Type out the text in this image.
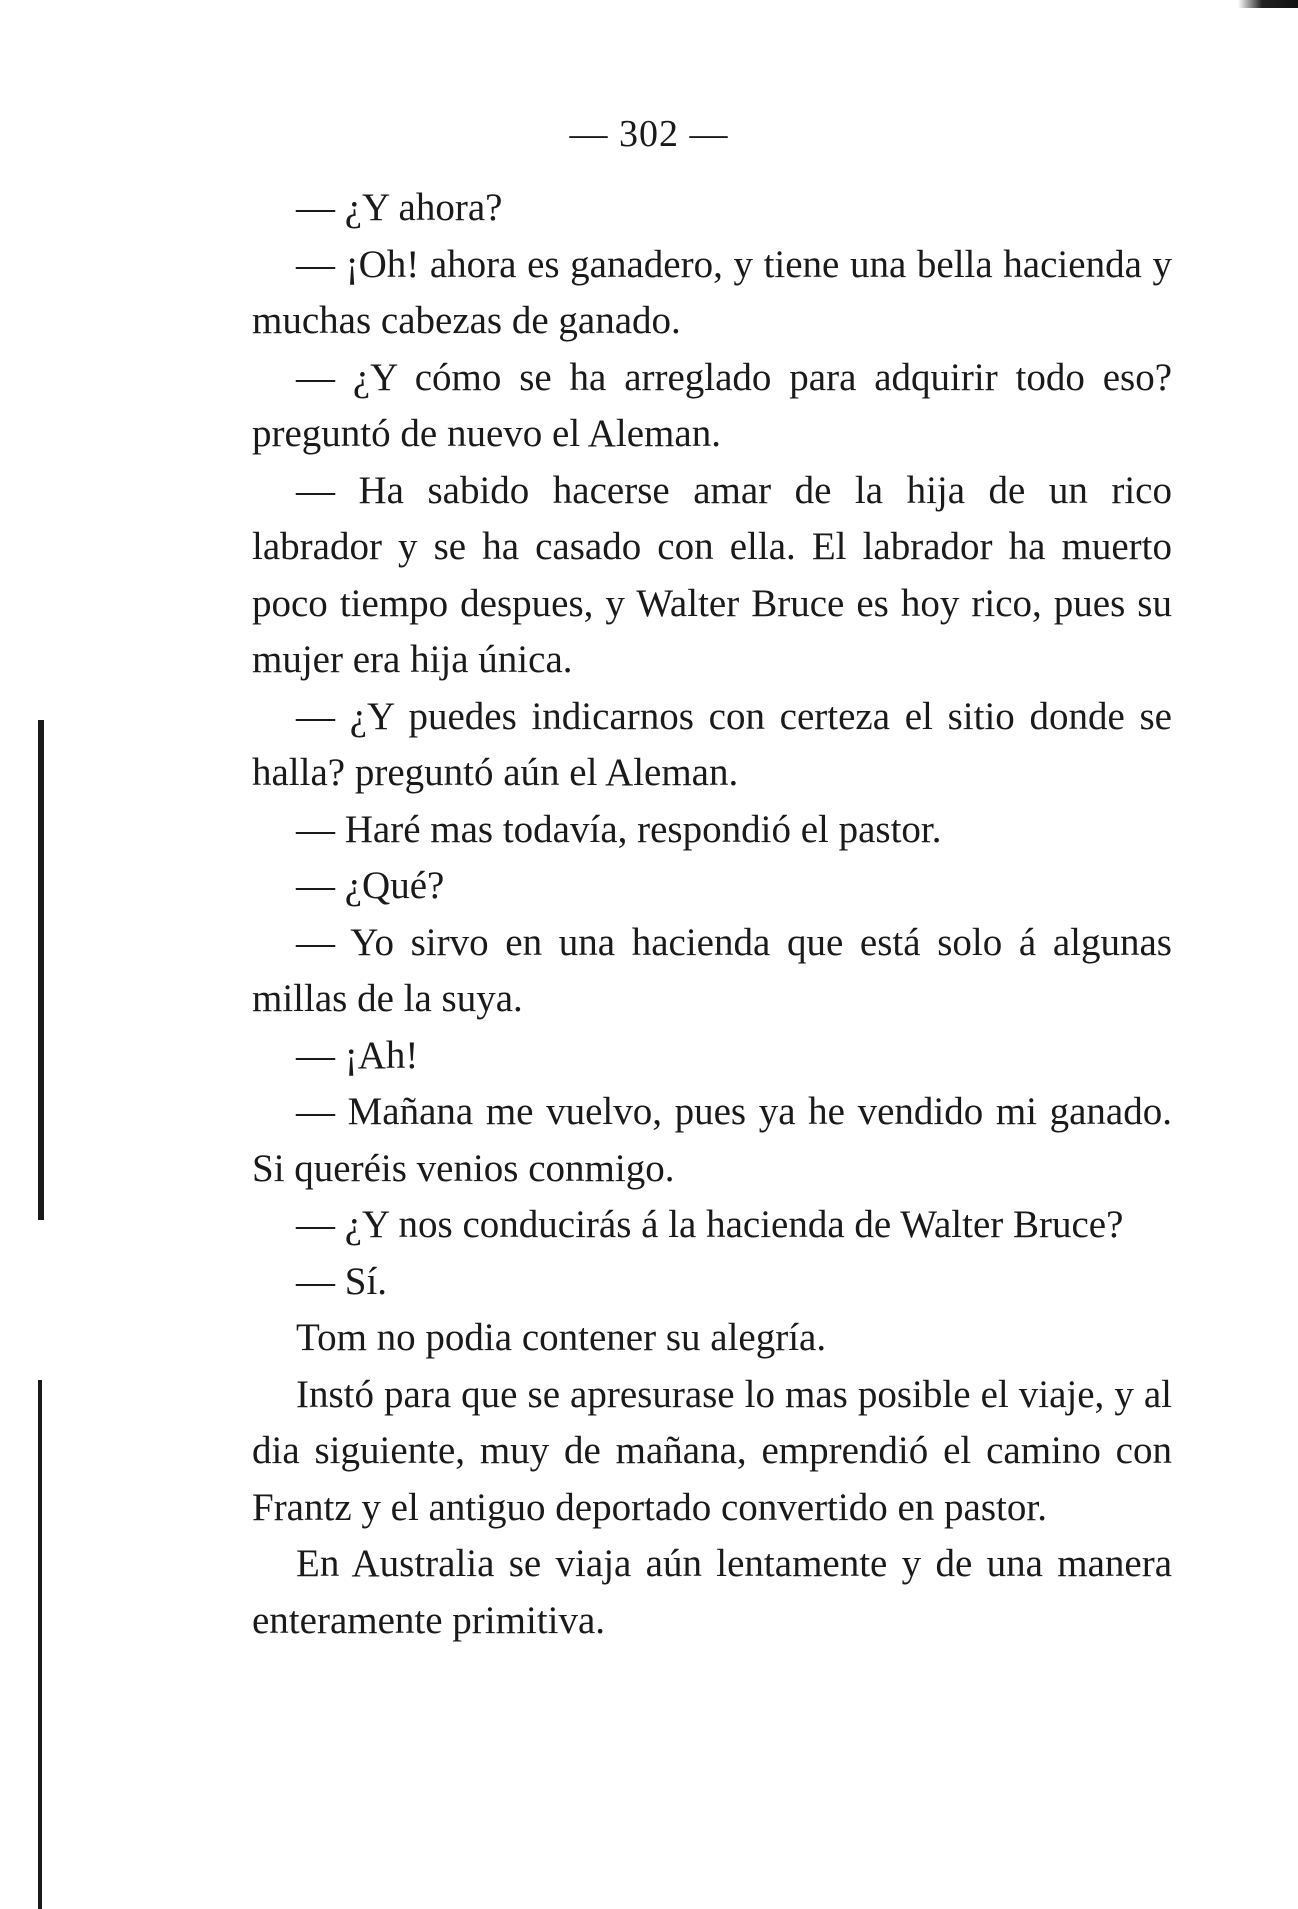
— 302 —

— ¿Y ahora?

— ¡Oh! ahora es ganadero, y tiene una bella hacienda y muchas cabezas de ganado.

— ¿Y cómo se ha arreglado para adquirir todo eso? preguntó de nuevo el Aleman.

— Ha sabido hacerse amar de la hija de un rico labrador y se ha casado con ella. El labrador ha muerto poco tiempo despues, y Walter Bruce es hoy rico, pues su mujer era hija única.

— ¿Y puedes indicarnos con certeza el sitio donde se halla? preguntó aún el Aleman.

— Haré mas todavía, respondió el pastor.

— ¿Qué?

— Yo sirvo en una hacienda que está solo á algunas millas de la suya.

— ¡Ah!

— Mañana me vuelvo, pues ya he vendido mi ganado. Si queréis venios conmigo.

— ¿Y nos conducirás á la hacienda de Walter Bruce?

— Sí.

Tom no podia contener su alegría.

Instó para que se apresurase lo mas posible el viaje, y al dia siguiente, muy de mañana, emprendió el camino con Frantz y el antiguo deportado convertido en pastor.

En Australia se viaja aún lentamente y de una manera enteramente primitiva.
